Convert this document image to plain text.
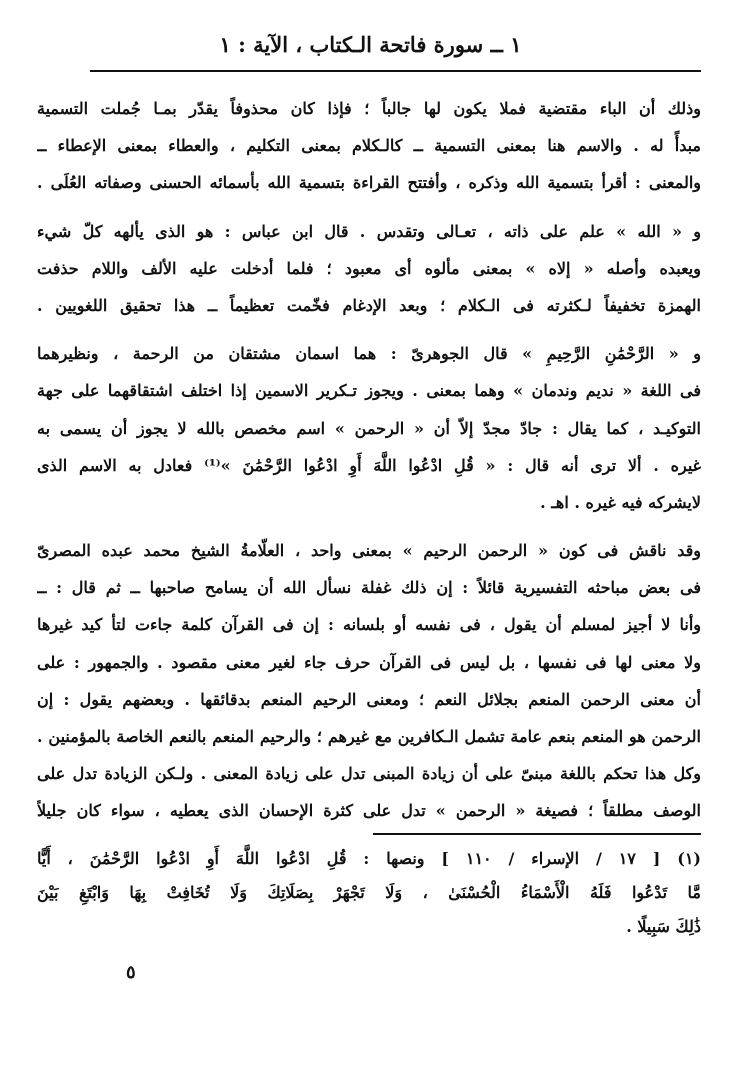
١ ــ سورة فاتحة الـكتاب ، الآية : ١

وذلك أن الباء مقتضية فملا يكون لها جالباً ؛ فإذا كان محذوفاً يقدّر بمـا جُملت التسمية
مبدأً له . والاسم هنا بمعنى التسمية ــ كالـكلام بمعنى التكليم ، والعطاء بمعنى الإعطاء ــ
والمعنى : أقرأ بتسمية الله وذكره ، وأفتتح القراءة بتسمية الله بأسمائه الحسنى وصفاته العُلَى .

و « الله » علم على ذاته ، تعـالى وتقدس . قال ابن عباس : هو الذى يألهه كلّ شيء
ويعبده وأصله « إلاه » بمعنى مألوه أى معبود ؛ فلما أدخلت عليه الألف واللام حذفت
الهمزة تخفيفاً لـكثرته فى الـكلام ؛ وبعد الإدغام فخّمت تعظيماً ــ هذا تحقيق اللغويين .

و « الرَّحْمَٰنِ الرَّحِيمِ » قال الجوهرىّ : هما اسمان مشتقان من الرحمة ، ونظيرهما
فى اللغة « نديم وندمان » وهما بمعنى . ويجوز تـكرير الاسمين إذا اختلف اشتقاقهما على جهة
التوكيـد ، كما يقال : جادّ مجدّ إلاّ أن « الرحمن » اسم مخصص بالله لا يجوز أن يسمى به
غيره . ألا ترى أنه قال : « قُلِ ادْعُوا اللَّهَ أَوِ ادْعُوا الرَّحْمَٰنَ »⁽¹⁾ فعادل به الاسم الذى
لايشركه فيه غيره . اهـ .

وقد ناقش فى كون « الرحمن الرحيم » بمعنى واحد ، العلّامةُ الشيخ محمد عبده المصرىّ
فى بعض مباحثه التفسيرية قائلاً : إن ذلك غفلة نسأل الله أن يسامح صاحبها ــ ثم قال : ــ
وأنا لا أجيز لمسلم أن يقول ، فى نفسه أو بلسانه : إن فى القرآن كلمة جاءت لتأ كيد غيرها
ولا معنى لها فى نفسها ، بل ليس فى القرآن حرف جاء لغير معنى مقصود . والجمهور : على
أن معنى الرحمن المنعم بجلائل النعم ؛ ومعنى الرحيم المنعم بدقائقها . وبعضهم يقول : إن
الرحمن هو المنعم بنعم عامة تشمل الـكافرين مع غيرهم ؛ والرحيم المنعم بالنعم الخاصة بالمؤمنين .
وكل هذا تحكم باللغة مبنىّ على أن زيادة المبنى تدل على زيادة المعنى . ولـكن الزيادة تدل على
الوصف مطلقاً ؛ فصيغة « الرحمن » تدل على كثرة الإحسان الذى يعطيه ، سواء كان جليلاً

(١) [ ١٧ / الإسراء / ١١٠ ] ونصها : قُلِ ادْعُوا اللَّهَ أَوِ ادْعُوا الرَّحْمَٰنَ ، أَيًّا
مَّا تَدْعُوا فَلَهُ الْأَسْمَاءُ الْحُسْنَىٰ ، وَلَا تَجْهَرْ بِصَلَاتِكَ وَلَا تُخَافِتْ بِهَا وَابْتَغِ بَيْنَ
ذَٰلِكَ سَبِيلًا .
٥
